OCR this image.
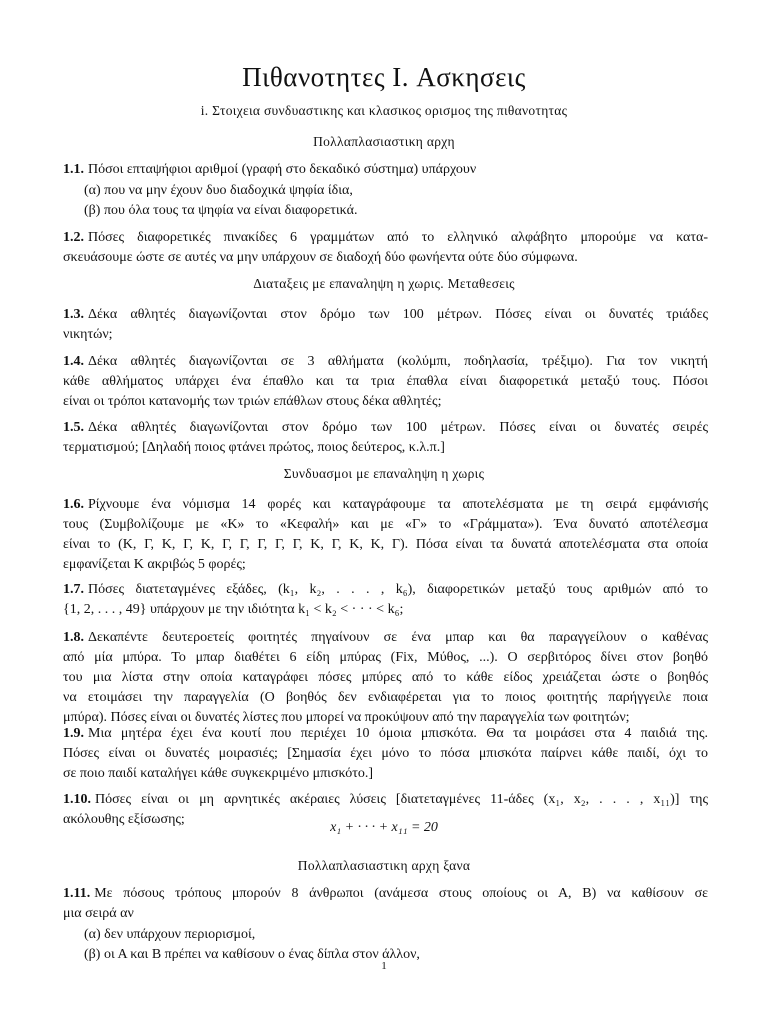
Πιθανοτητες I. Ασκησεις
i. Στοιχεια συνδυαστικης και κλασικος ορισμος της πιθανοτητας
Πολλαπλασιαστικη αρχη
1.1. Πόσοι επταψήφιοι αριθμοί (γραφή στο δεκαδικό σύστημα) υπάρχουν
(α) που να μην έχουν δυο διαδοχικά ψηφία ίδια,
(β) που όλα τους τα ψηφία να είναι διαφορετικά.
1.2. Πόσες διαφορετικές πινακίδες 6 γραμμάτων από το ελληνικό αλφάβητο μπορούμε να κατα-
σκευάσουμε ώστε σε αυτές να μην υπάρχουν σε διαδοχή δύο φωνήεντα ούτε δύο σύμφωνα.
Διαταξεις με επαναληψη η χωρις. Μεταθεσεις
1.3. Δέκα αθλητές διαγωνίζονται στον δρόμο των 100 μέτρων. Πόσες είναι οι δυνατές τριάδες
νικητών;
1.4. Δέκα αθλητές διαγωνίζονται σε 3 αθλήματα (κολύμπι, ποδηλασία, τρέξιμο). Για τον νικητή
κάθε αθλήματος υπάρχει ένα έπαθλο και τα τρια έπαθλα είναι διαφορετικά μεταξύ τους. Πόσοι
είναι οι τρόποι κατανομής των τριών επάθλων στους δέκα αθλητές;
1.5. Δέκα αθλητές διαγωνίζονται στον δρόμο των 100 μέτρων. Πόσες είναι οι δυνατές σειρές
τερματισμού; [Δηλαδή ποιος φτάνει πρώτος, ποιος δεύτερος, κ.λ.π.]
Συνδυασμοι με επαναληψη η χωρις
1.6. Ρίχνουμε ένα νόμισμα 14 φορές και καταγράφουμε τα αποτελέσματα με τη σειρά εμφάνισής
τους (Συμβολίζουμε με «Κ» το «Κεφαλή» και με «Γ» το «Γράμματα»). Ένα δυνατό αποτέλεσμα
είναι το (Κ, Γ, Κ, Γ, Κ, Γ, Γ, Γ, Γ, Γ, Κ, Γ, Κ, Κ, Γ). Πόσα είναι τα δυνατά αποτελέσματα στα οποία
εμφανίζεται Κ ακριβώς 5 φορές;
1.7. Πόσες διατεταγμένες εξάδες, (k₁, k₂, . . . , k₆), διαφορετικών μεταξύ τους αριθμών από το
{1, 2, . . . , 49} υπάρχουν με την ιδιότητα k₁ < k₂ < · · · < k₆;
1.8. Δεκαπέντε δευτεροετείς φοιτητές πηγαίνουν σε ένα μπαρ και θα παραγγείλουν ο καθένας
από μία μπύρα. Το μπαρ διαθέτει 6 είδη μπύρας (Fix, Μύθος, ...). Ο σερβιτόρος δίνει στον βοηθό
του μια λίστα στην οποία καταγράφει πόσες μπύρες από το κάθε είδος χρειάζεται ώστε ο βοηθός
να ετοιμάσει την παραγγελία (Ο βοηθός δεν ενδιαφέρεται για το ποιος φοιτητής παρήγγειλε ποια
μπύρα). Πόσες είναι οι δυνατές λίστες που μπορεί να προκύψουν από την παραγγελία των φοιτητών;
1.9. Μια μητέρα έχει ένα κουτί που περιέχει 10 όμοια μπισκότα. Θα τα μοιράσει στα 4 παιδιά της.
Πόσες είναι οι δυνατές μοιρασιές; [Σημασία έχει μόνο το πόσα μπισκότα παίρνει κάθε παιδί, όχι το
σε ποιο παιδί καταλήγει κάθε συγκεκριμένο μπισκότο.]
1.10. Πόσες είναι οι μη αρνητικές ακέραιες λύσεις [διατεταγμένες 11-άδες (x₁, x₂, . . . , x₁₁)] της
ακόλουθης εξίσωσης;
x₁ + · · · + x₁₁ = 20
Πολλαπλασιαστικη αρχη ξανα
1.11. Με πόσους τρόπους μπορούν 8 άνθρωποι (ανάμεσα στους οποίους οι Α, Β) να καθίσουν σε
μια σειρά αν
(α) δεν υπάρχουν περιορισμοί,
(β) οι Α και Β πρέπει να καθίσουν ο ένας δίπλα στον άλλον,
1
